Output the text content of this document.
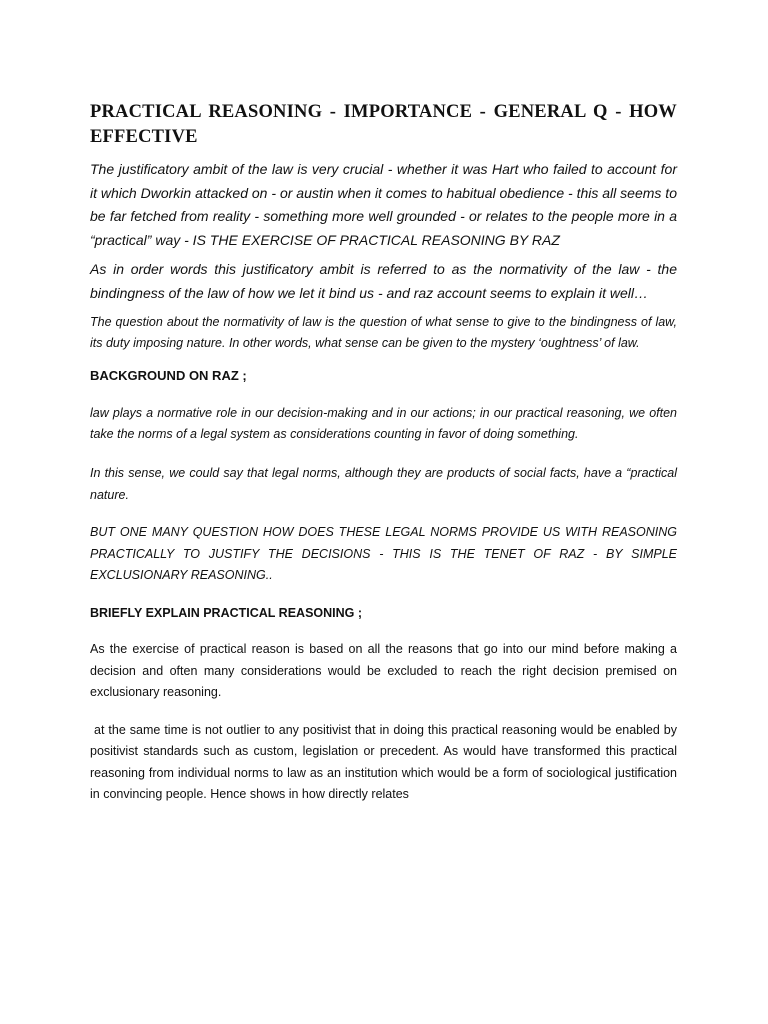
PRACTICAL REASONING - IMPORTANCE - GENERAL Q - HOW EFFECTIVE

The justificatory ambit of the law is very crucial - whether it was Hart who failed to account for it which Dworkin attacked on - or austin when it comes to habitual obedience - this all seems to be far fetched from reality - something more well grounded - or relates to the people more in a “practical” way - IS THE EXERCISE OF PRACTICAL REASONING BY RAZ

As in order words this justificatory ambit is referred to as the normativity of the law - the bindingness of the law of how we let it bind us - and raz account seems to explain it well…

The question about the normativity of law is the question of what sense to give to the bindingness of law, its duty imposing nature. In other words, what sense can be given to the mystery ‘oughtness’ of law.

BACKGROUND ON RAZ ;

law plays a normative role in our decision-making and in our actions; in our practical reasoning, we often take the norms of a legal system as considerations counting in favor of doing something.

In this sense, we could say that legal norms, although they are products of social facts, have a “practical nature.

BUT ONE MANY QUESTION HOW DOES THESE LEGAL NORMS PROVIDE US WITH REASONING PRACTICALLY TO JUSTIFY THE DECISIONS - THIS IS THE TENET OF RAZ - BY SIMPLE EXCLUSIONARY REASONING..

BRIEFLY EXPLAIN PRACTICAL REASONING ;

As the exercise of practical reason is based on all the reasons that go into our mind before making a decision and often many considerations would be excluded to reach the right decision premised on exclusionary reasoning.

at the same time is not outlier to any positivist that in doing this practical reasoning would be enabled by positivist standards such as custom, legislation or precedent. As would have transformed this practical reasoning from individual norms to law as an institution which would be a form of sociological justification in convincing people. Hence shows in how directly relates
